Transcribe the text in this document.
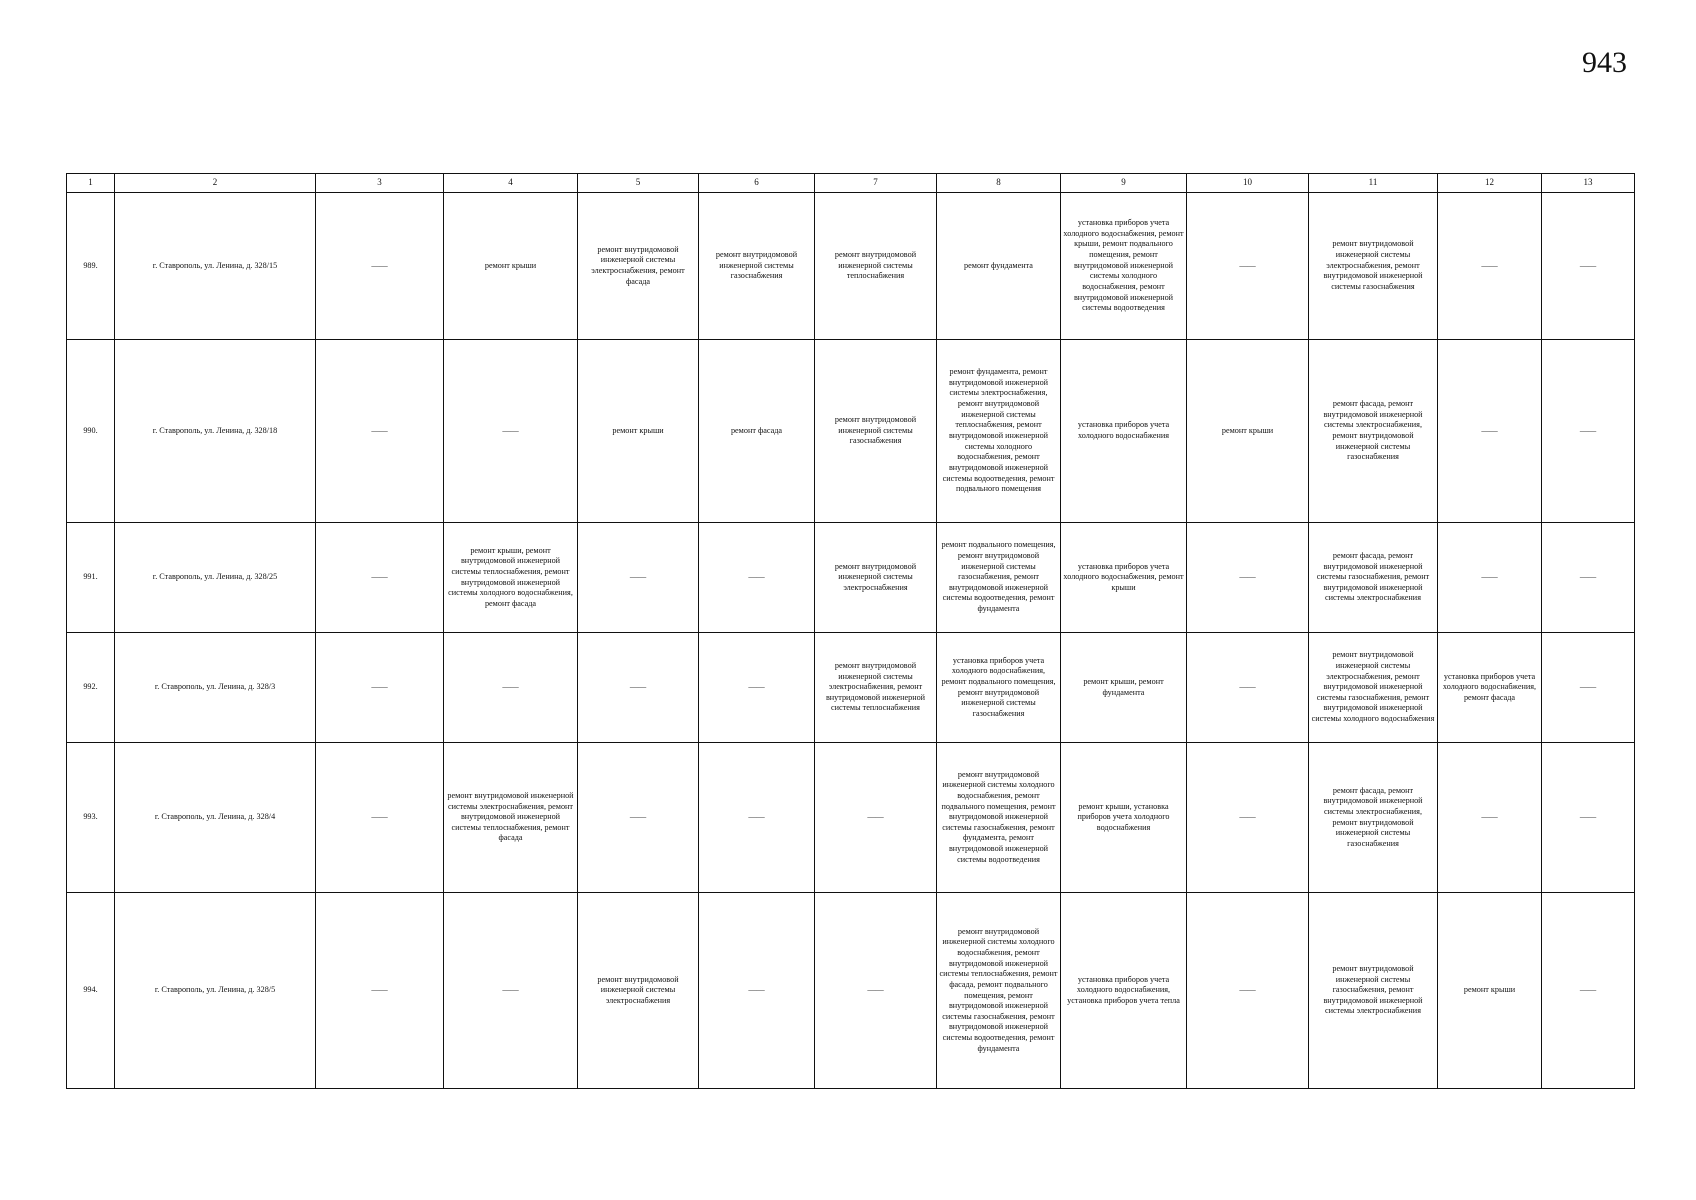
943
1	2	3	4	5	6	7	8	9	10	11	12	13
989.	г. Ставрополь, ул. Ленина, д. 328/15	——	ремонт крыши	ремонт внутридомовой инженерной системы электроснабжения, ремонт фасада	ремонт внутридомовой инженерной системы газоснабжения	ремонт внутридомовой инженерной системы теплоснабжения	ремонт фундамента	установка приборов учета холодного водоснабжения, ремонт крыши, ремонт подвального помещения, ремонт внутридомовой инженерной системы холодного водоснабжения, ремонт внутридомовой инженерной системы водоотведения	——	ремонт внутридомовой инженерной системы электроснабжения, ремонт внутридомовой инженерной системы газоснабжения	——	——
990.	г. Ставрополь, ул. Ленина, д. 328/18	——	——	ремонт крыши	ремонт фасада	ремонт внутридомовой инженерной системы газоснабжения	ремонт фундамента, ремонт внутридомовой инженерной системы электроснабжения, ремонт внутридомовой инженерной системы теплоснабжения, ремонт внутридомовой инженерной системы холодного водоснабжения, ремонт внутридомовой инженерной системы водоотведения, ремонт подвального помещения	установка приборов учета холодного водоснабжения	ремонт крыши	ремонт фасада, ремонт внутридомовой инженерной системы электроснабжения, ремонт внутридомовой инженерной системы газоснабжения	——	——
991.	г. Ставрополь, ул. Ленина, д. 328/25	——	ремонт крыши, ремонт внутридомовой инженерной системы теплоснабжения, ремонт внутридомовой инженерной системы холодного водоснабжения, ремонт фасада	——	——	ремонт внутридомовой инженерной системы электроснабжения	ремонт подвального помещения, ремонт внутридомовой инженерной системы газоснабжения, ремонт внутридомовой инженерной системы водоотведения, ремонт фундамента	установка приборов учета холодного водоснабжения, ремонт крыши	——	ремонт фасада, ремонт внутридомовой инженерной системы газоснабжения, ремонт внутридомовой инженерной системы электроснабжения	——	——
992.	г. Ставрополь, ул. Ленина, д. 328/3	——	——	——	——	ремонт внутридомовой инженерной системы электроснабжения, ремонт внутридомовой инженерной системы теплоснабжения	установка приборов учета холодного водоснабжения, ремонт подвального помещения, ремонт внутридомовой инженерной системы газоснабжения	ремонт крыши, ремонт фундамента	——	ремонт внутридомовой инженерной системы электроснабжения, ремонт внутридомовой инженерной системы газоснабжения, ремонт внутридомовой инженерной системы холодного водоснабжения	установка приборов учета холодного водоснабжения, ремонт фасада	——
993.	г. Ставрополь, ул. Ленина, д. 328/4	——	ремонт внутридомовой инженерной системы электроснабжения, ремонт внутридомовой инженерной системы теплоснабжения, ремонт фасада	——	——	——	ремонт внутридомовой инженерной системы холодного водоснабжения, ремонт подвального помещения, ремонт внутридомовой инженерной системы газоснабжения, ремонт фундамента, ремонт внутридомовой инженерной системы водоотведения	ремонт крыши, установка приборов учета холодного водоснабжения	——	ремонт фасада, ремонт внутридомовой инженерной системы электроснабжения, ремонт внутридомовой инженерной системы газоснабжения	——	——
994.	г. Ставрополь, ул. Ленина, д. 328/5	——	——	ремонт внутридомовой инженерной системы электроснабжения	——	——	ремонт внутридомовой инженерной системы холодного водоснабжения, ремонт внутридомовой инженерной системы теплоснабжения, ремонт фасада, ремонт подвального помещения, ремонт внутридомовой инженерной системы газоснабжения, ремонт внутридомовой инженерной системы водоотведения, ремонт фундамента	установка приборов учета холодного водоснабжения, установка приборов учета тепла	——	ремонт внутридомовой инженерной системы газоснабжения, ремонт внутридомовой инженерной системы электроснабжения	ремонт крыши	——
